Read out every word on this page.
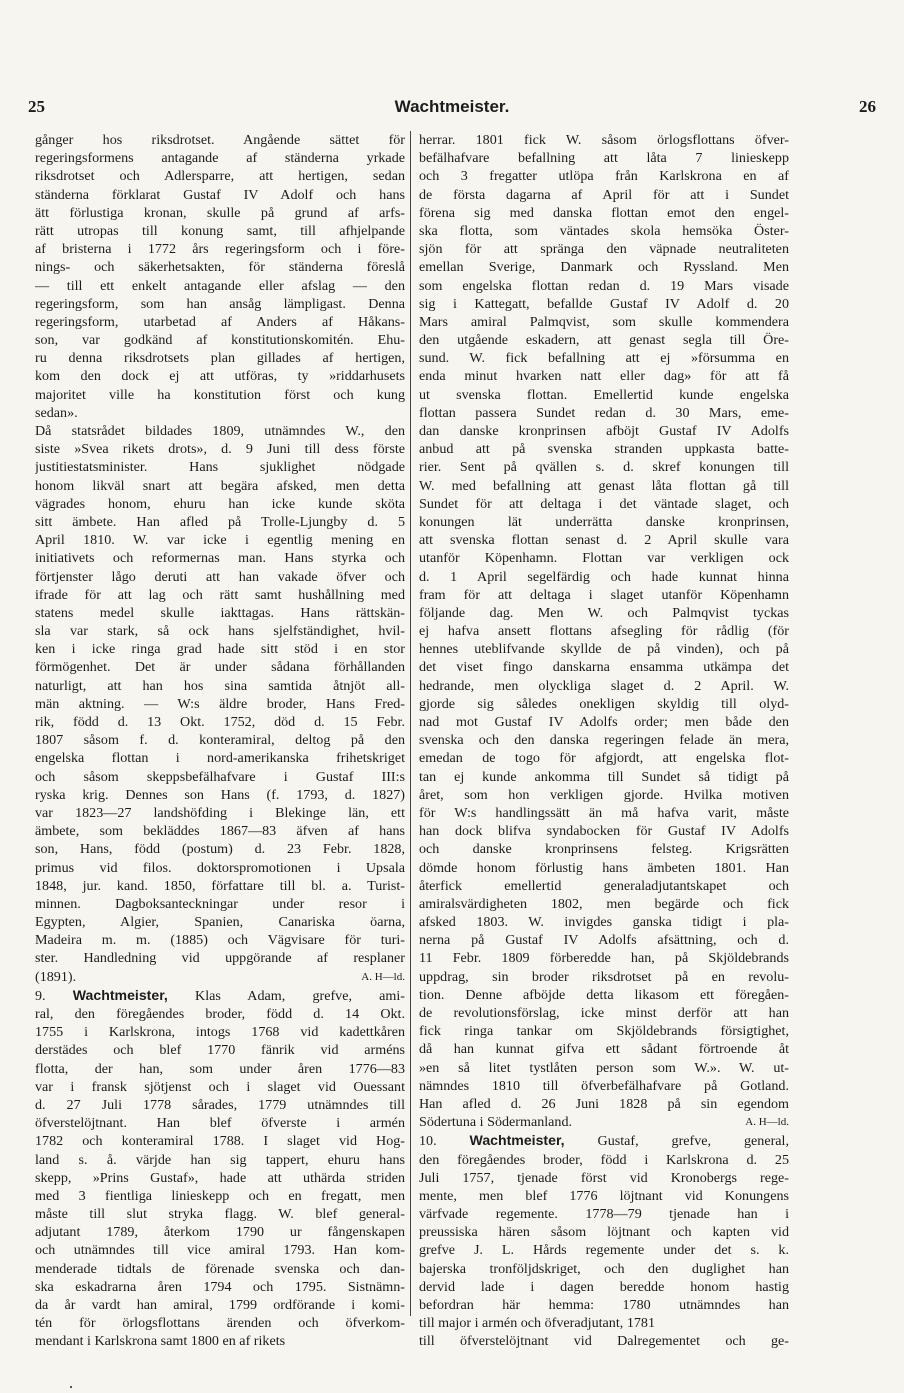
25	Wachtmeister.	26
gånger hos riksdrotset. Angående sättet för
regeringsformens antagande af ständerna yrkade
riksdrotset och Adlersparre, att hertigen, sedan
ständerna förklarat Gustaf IV Adolf och hans
ätt förlustiga kronan, skulle på grund af arfs-
rätt utropas till konung samt, till afhjelpande
af bristerna i 1772 års regeringsform och i före-
nings- och säkerhetsakten, för ständerna föreslå
— till ett enkelt antagande eller afslag — den
regeringsform, som han ansåg lämpligast. Denna
regeringsform, utarbetad af Anders af Håkans-
son, var godkänd af konstitutionskomitén. Ehu-
ru denna riksdrotsets plan gillades af hertigen,
kom den dock ej att utföras, ty »riddarhusets
majoritet ville ha konstitution först och kung
sedan».
Då statsrådet bildades 1809, utnämndes W., den
siste »Svea rikets drots», d. 9 Juni till dess förste
justitiestatsminister. Hans sjuklighet nödgade
honom likväl snart att begära afsked, men detta
vägrades honom, ehuru han icke kunde sköta
sitt ämbete. Han afled på Trolle-Ljungby d. 5
April 1810. W. var icke i egentlig mening en
initiativets och reformernas man. Hans styrka och
förtjenster lågo deruti att han vakade öfver och
ifrade för att lag och rätt samt hushållning med
statens medel skulle iakttagas. Hans rättskän-
sla var stark, så ock hans sjelfständighet, hvil-
ken i icke ringa grad hade sitt stöd i en stor
förmögenhet. Det är under sådana förhållanden
naturligt, att han hos sina samtida åtnjöt all-
män aktning. — W:s äldre broder, Hans Fred-
rik, född d. 13 Okt. 1752, död d. 15 Febr.
1807 såsom f. d. konteramiral, deltog på den
engelska flottan i nord-amerikanska frihetskriget
och såsom skeppsbefälhafvare i Gustaf III:s
ryska krig. Dennes son Hans (f. 1793, d. 1827)
var 1823—27 landshöfding i Blekinge län, ett
ämbete, som bekläddes 1867—83 äfven af hans
son, Hans, född (postum) d. 23 Febr. 1828,
primus vid filos. doktorspromotionen i Upsala
1848, jur. kand. 1850, författare till bl. a. Turist-
minnen. Dagboksanteckningar under resor i
Egypten, Algier, Spanien, Canariska öarna,
Madeira m. m. (1885) och Vägvisare för turi-
ster. Handledning vid uppgörande af resplaner
(1891).	A. H—ld.
9. Wachtmeister, Klas Adam, grefve, ami-
ral, den föregåendes broder, född d. 14 Okt.
1755 i Karlskrona, intogs 1768 vid kadettkåren
derstädes och blef 1770 fänrik vid arméns
flotta, der han, som under åren 1776—83
var i fransk sjötjenst och i slaget vid Ouessant
d. 27 Juli 1778 sårades, 1779 utnämndes till
öfverstelöjtnant. Han blef öfverste i armén
1782 och konteramiral 1788. I slaget vid Hog-
land s. å. värjde han sig tappert, ehuru hans
skepp, »Prins Gustaf», hade att uthärda striden
med 3 fientliga linieskepp och en fregatt, men
måste till slut stryka flagg. W. blef general-
adjutant 1789, återkom 1790 ur fångenskapen
och utnämndes till vice amiral 1793. Han kom-
menderade tidtals de förenade svenska och dan-
ska eskadrarna åren 1794 och 1795. Sistnämn-
da år vardt han amiral, 1799 ordförande i komi-
tén för örlogsflottans ärenden och öfverkom-
mendant i Karlskrona samt 1800 en af rikets
herrar. 1801 fick W. såsom örlogsflottans öfver-
befälhafvare befallning att låta 7 linieskepp
och 3 fregatter utlöpa från Karlskrona en af
de första dagarna af April för att i Sundet
förena sig med danska flottan emot den engel-
ska flotta, som väntades skola hemsöka Öster-
sjön för att spränga den väpnade neutraliteten
emellan Sverige, Danmark och Ryssland. Men
som engelska flottan redan d. 19 Mars visade
sig i Kattegatt, befallde Gustaf IV Adolf d. 20
Mars amiral Palmqvist, som skulle kommendera
den utgående eskadern, att genast segla till Öre-
sund. W. fick befallning att ej »försumma en
enda minut hvarken natt eller dag» för att få
ut svenska flottan. Emellertid kunde engelska
flottan passera Sundet redan d. 30 Mars, eme-
dan danske kronprinsen afböjt Gustaf IV Adolfs
anbud att på svenska stranden uppkasta batte-
rier. Sent på qvällen s. d. skref konungen till
W. med befallning att genast låta flottan gå till
Sundet för att deltaga i det väntade slaget, och
konungen lät underrätta danske kronprinsen,
att svenska flottan senast d. 2 April skulle vara
utanför Köpenhamn. Flottan var verkligen ock
d. 1 April segelfärdig och hade kunnat hinna
fram för att deltaga i slaget utanför Köpenhamn
följande dag. Men W. och Palmqvist tyckas
ej hafva ansett flottans afsegling för rådlig (för
hennes uteblifvande skyllde de på vinden), och på
det viset fingo danskarna ensamma utkämpa det
hedrande, men olyckliga slaget d. 2 April. W.
gjorde sig således onekligen skyldig till olyd-
nad mot Gustaf IV Adolfs order; men både den
svenska och den danska regeringen felade än mera,
emedan de togo för afgjordt, att engelska flot-
tan ej kunde ankomma till Sundet så tidigt på
året, som hon verkligen gjorde. Hvilka motiven
för W:s handlingssätt än må hafva varit, måste
han dock blifva syndabocken för Gustaf IV Adolfs
och danske kronprinsens felsteg. Krigsrätten
dömde honom förlustig hans ämbeten 1801. Han
återfick emellertid generaladjutantskapet och
amiralsvärdigheten 1802, men begärde och fick
afsked 1803. W. invigdes ganska tidigt i pla-
nerna på Gustaf IV Adolfs afsättning, och d.
11 Febr. 1809 förberedde han, på Skjöldebrands
uppdrag, sin broder riksdrotset på en revolu-
tion. Denne afböjde detta likasom ett föregåen-
de revolutionsförslag, icke minst derför att han
fick ringa tankar om Skjöldebrands försigtighet,
då han kunnat gifva ett sådant förtroende åt
»en så litet tystlåten person som W.». W. ut-
nämndes 1810 till öfverbefälhafvare på Gotland.
Han afled d. 26 Juni 1828 på sin egendom
Södertuna i Södermanland.	A. H—ld.
10. Wachtmeister, Gustaf, grefve, general,
den föregåendes broder, född i Karlskrona d. 25
Juli 1757, tjenade först vid Kronobergs rege-
mente, men blef 1776 löjtnant vid Konungens
värfvade regemente. 1778—79 tjenade han i
preussiska hären såsom löjtnant och kapten vid
grefve J. L. Hårds regemente under det s. k.
bajerska tronföljdskriget, och den duglighet han
dervid lade i dagen beredde honom hastig
befordran här hemma: 1780 utnämndes han
till major i armén och öfveradjutant, 1781
till öfverstelöjtnant vid Dalregementet och ge-
